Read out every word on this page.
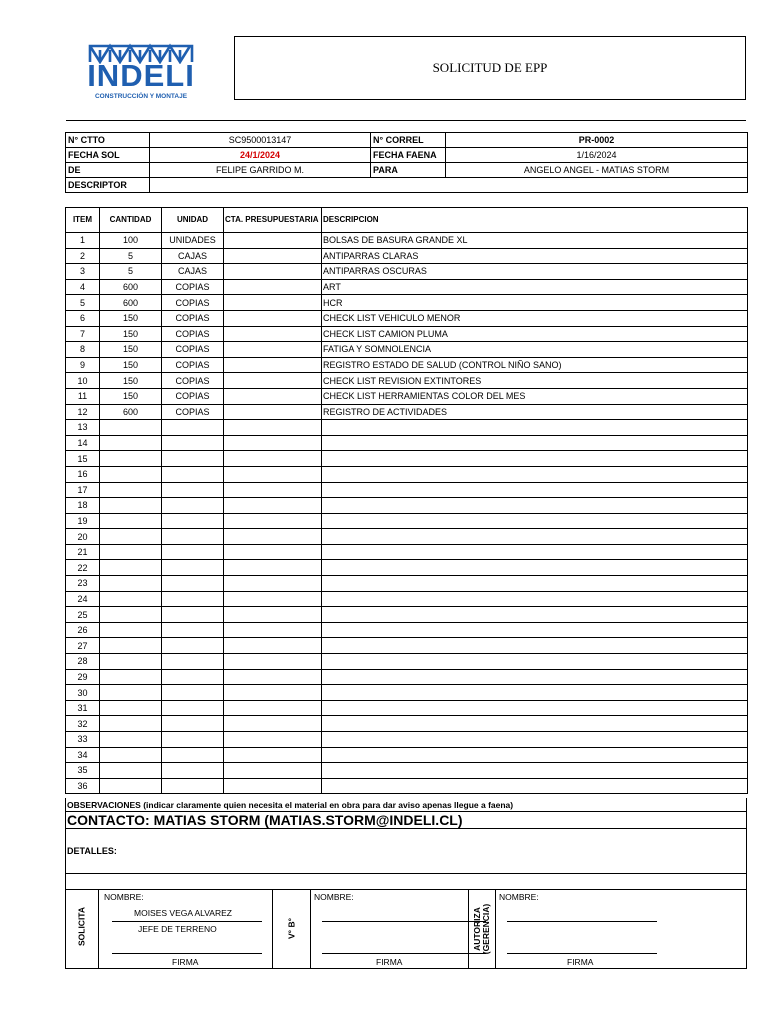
INDELI
CONSTRUCCIÓN Y MONTAJE
SOLICITUD DE EPP
N° CTTO	SC9500013147	N° CORREL	PR-0002
FECHA SOL	24/1/2024	FECHA FAENA	1/16/2024
DE	FELIPE GARRIDO M.	PARA	ANGELO ANGEL - MATIAS STORM
DESCRIPTOR			
ITEM	CANTIDAD	UNIDAD	CTA. PRESUPUESTARIA	DESCRIPCION
1	100	UNIDADES		BOLSAS DE BASURA GRANDE XL
2	5	CAJAS		ANTIPARRAS CLARAS
3	5	CAJAS		ANTIPARRAS OSCURAS
4	600	COPIAS		ART
5	600	COPIAS		HCR
6	150	COPIAS		CHECK LIST VEHICULO MENOR
7	150	COPIAS		CHECK LIST CAMION PLUMA
8	150	COPIAS		FATIGA Y SOMNOLENCIA
9	150	COPIAS		REGISTRO ESTADO DE SALUD (CONTROL NIÑO SANO)
10	150	COPIAS		CHECK LIST REVISION EXTINTORES
11	150	COPIAS		CHECK LIST HERRAMIENTAS COLOR DEL MES
12	600	COPIAS		REGISTRO DE ACTIVIDADES
13				
14				
15				
16				
17				
18				
19				
20				
21				
22				
23				
24				
25				
26				
27				
28				
29				
30				
31				
32				
33				
34				
35				
36				
OBSERVACIONES (indicar claramente quien necesita el material en obra para dar aviso apenas llegue a faena)
CONTACTO: MATIAS STORM (MATIAS.STORM@INDELI.CL)
DETALLES:
SOLICITA
NOMBRE:
MOISES VEGA ALVAREZ
JEFE DE TERRENO
FIRMA
V° B°
NOMBRE:
FIRMA
AUTORIZA (GERENCIA)
NOMBRE:
FIRMA
